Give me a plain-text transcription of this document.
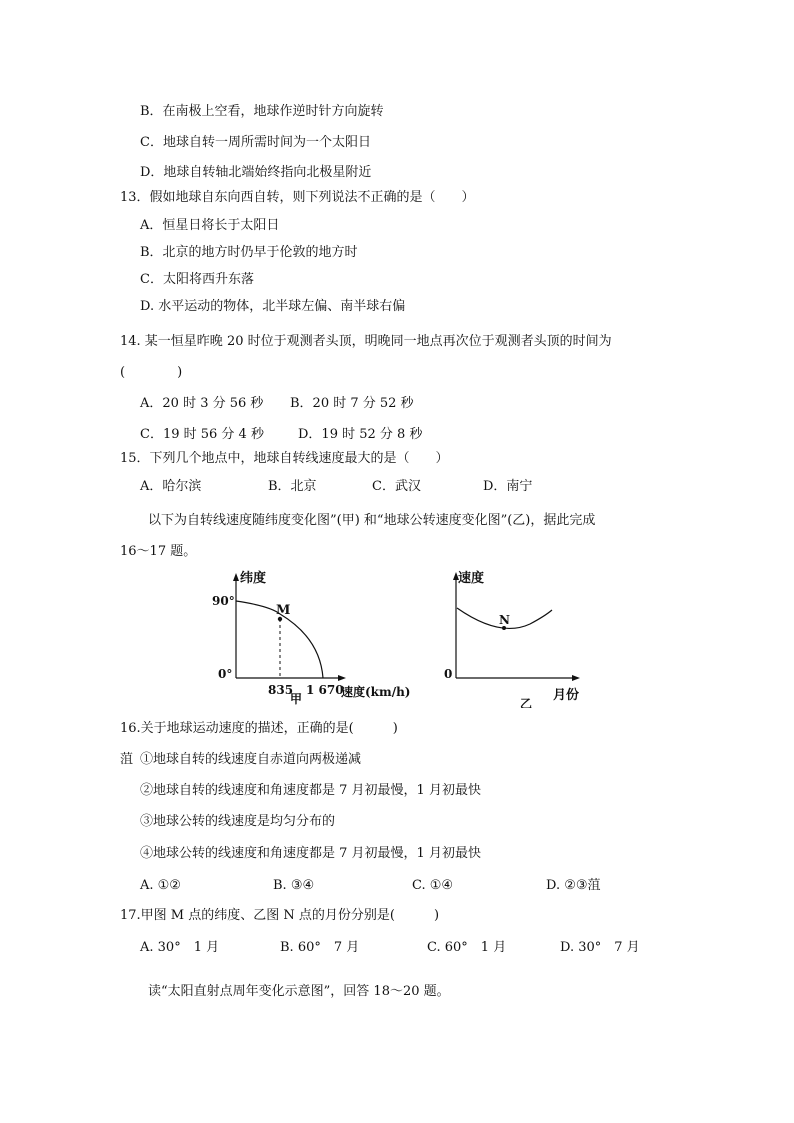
B．在南极上空看，地球作逆时针方向旋转
C．地球自转一周所需时间为一个太阳日
D．地球自转轴北端始终指向北极星附近
13．假如地球自东向西自转，则下列说法不正确的是（　　）
A．恒星日将长于太阳日
B．北京的地方时仍早于伦敦的地方时
C．太阳将西升东落
D. 水平运动的物体，北半球左偏、南半球右偏
14. 某一恒星昨晚 20 时位于观测者头顶，明晚同一地点再次位于观测者头顶的时间为
(　　　　)
A．20 时 3 分 56 秒 B．20 时 7 分 52 秒
C．19 时 56 分 4 秒	D．19 时 52 分 8 秒
15．下列几个地点中，地球自转线速度最大的是（　　）
A．哈尔滨	B．北京	C．武汉	D．南宁
以下为自转线速度随纬度变化图”(甲) 和“地球公转速度变化图”(乙)，据此完成
16～17 题。
M
纬度
90°
0°
835 1 670
速度(km/h)
甲
N
速度
0
月份
乙
16.关于地球运动速度的描述，正确的是(　　　)
菹 ①地球自转的线速度自赤道向两极递减
②地球自转的线速度和角速度都是 7 月初最慢，1 月初最快
③地球公转的线速度是均匀分布的
④地球公转的线速度和角速度都是 7 月初最慢，1 月初最快
A. ①②	B. ③④	C. ①④	D. ②③菹
17.甲图 M 点的纬度、乙图 N 点的月份分别是(　　　)
A. 30°　1 月	B. 60°　7 月	C. 60°　1 月	D. 30°　7 月
读“太阳直射点周年变化示意图”，回答 18～20 题。
